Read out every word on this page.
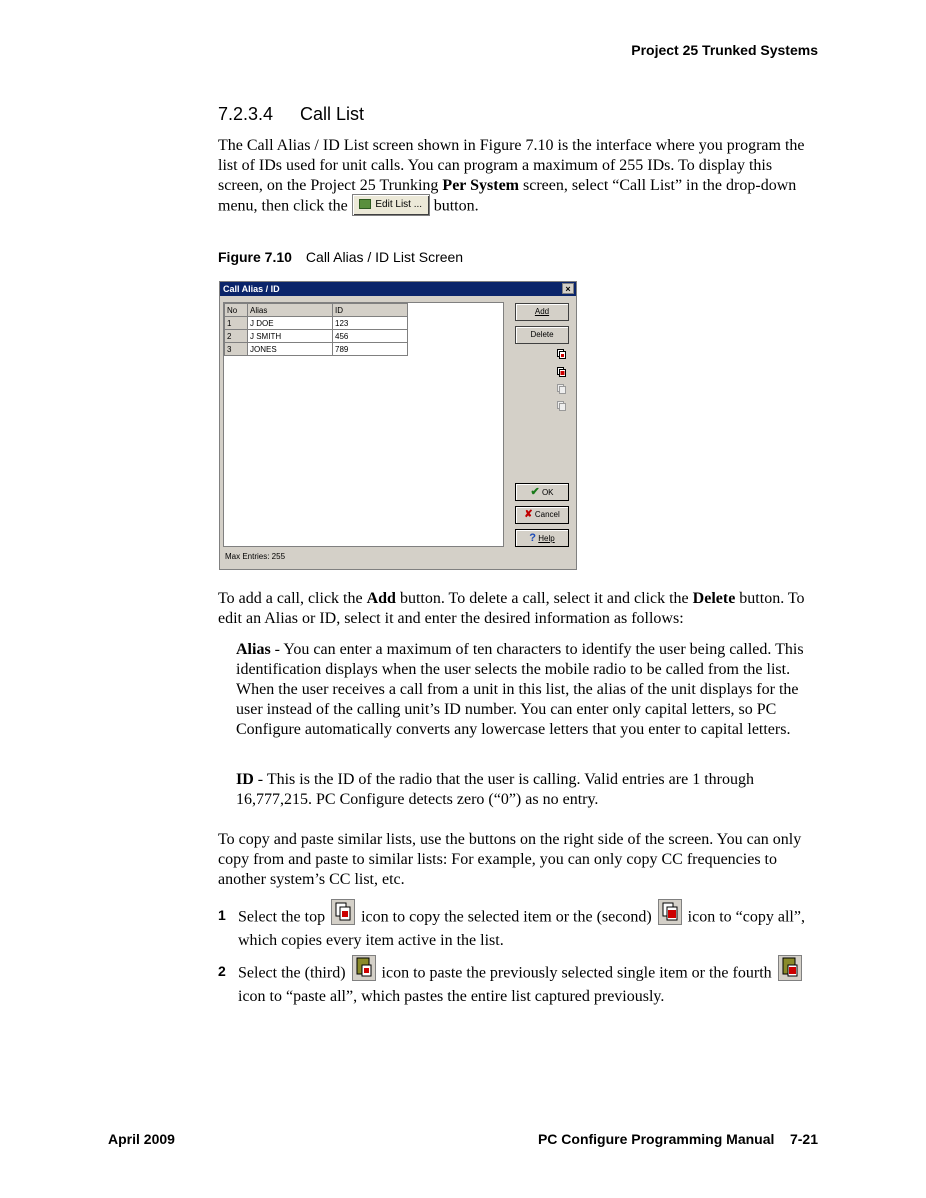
Project 25 Trunked Systems
7.2.3.4 Call List
The Call Alias / ID List screen shown in Figure 7.10 is the interface where you program the list of IDs used for unit calls. You can program a maximum of 255 IDs. To display this screen, on the Project 25 Trunking Per System screen, select “Call List” in the drop-down menu, then click the	Edit List ... button.
Figure 7.10 Call Alias / ID List Screen
Call Alias / ID	×
No	Alias	ID
1	J DOE	123
2	J SMITH	456
3	JONES	789
Add
Delete
✔ OK
✘ Cancel
? Help
Max Entries: 255
To add a call, click the Add button. To delete a call, select it and click the Delete button. To edit an Alias or ID, select it and enter the desired information as follows:
Alias - You can enter a maximum of ten characters to identify the user being called. This identification displays when the user selects the mobile radio to be called from the list. When the user receives a call from a unit in this list, the alias of the unit displays for the user instead of the calling unit’s ID number. You can enter only capital letters, so PC Configure automatically converts any lowercase letters that you enter to capital letters.
ID - This is the ID of the radio that the user is calling. Valid entries are 1 through 16,777,215. PC Configure detects zero (“0”) as no entry.
To copy and paste similar lists, use the buttons on the right side of the screen. You can only copy from and paste to similar lists: For example, you can only copy CC frequencies to another system’s CC list, etc.
1 Select the top icon to copy the selected item or the (second) icon to “copy all”, which copies every item active in the list.
2 Select the (third) icon to paste the previously selected single item or the fourth  icon to “paste all”, which pastes the entire list captured previously.
April 2009	PC Configure Programming Manual 7-21
